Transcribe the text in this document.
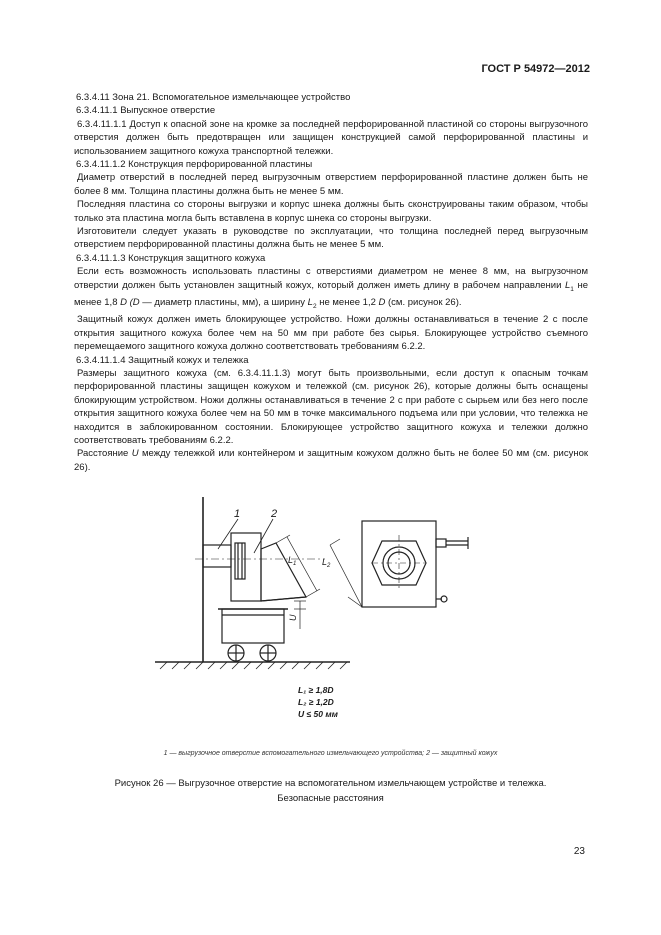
ГОСТ Р 54972—2012

6.3.4.11 Зона 21. Вспомогательное измельчающее устройство

6.3.4.11.1 Выпускное отверстие

6.3.4.11.1.1 Доступ к опасной зоне на кромке за последней перфорированной пластиной со стороны выгрузочного отверстия должен быть предотвращен или защищен конструкцией самой перфорированной пластины и использованием защитного кожуха транспортной тележки.

6.3.4.11.1.2 Конструкция перфорированной пластины

Диаметр отверстий в последней перед выгрузочным отверстием перфорированной пластине должен быть не более 8 мм. Толщина пластины должна быть не менее 5 мм.

Последняя пластина со стороны выгрузки и корпус шнека должны быть сконструированы таким образом, чтобы только эта пластина могла быть вставлена в корпус шнека со стороны выгрузки.

Изготовители следует указать в руководстве по эксплуатации, что толщина последней перед выгрузочным отверстием перфорированной пластины должна быть не менее 5 мм.

6.3.4.11.1.3 Конструкция защитного кожуха

Если есть возможность использовать пластины с отверстиями диаметром не менее 8 мм, на выгрузочном отверстии должен быть установлен защитный кожух, который должен иметь длину в рабочем направлении $L_1$ не менее 1,8 D (D — диаметр пластины, мм), а ширину $L_2$ не менее 1,2 D (см. рисунок 26).

Защитный кожух должен иметь блокирующее устройство. Ножи должны останавливаться в течение 2 с после открытия защитного кожуха более чем на 50 мм при работе без сырья. Блокирующее устройство съемного перемещаемого защитного кожуха должно соответствовать требованиям 6.2.2.

6.3.4.11.1.4 Защитный кожух и тележка

Размеры защитного кожуха (см. 6.3.4.11.1.3) могут быть произвольными, если доступ к опасным точкам перфорированной пластины защищен кожухом и тележкой (см. рисунок 26), которые должны быть оснащены блокирующим устройством. Ножи должны останавливаться в течение 2 с при работе с сырьем или без него после открытия защитного кожуха более чем на 50 мм в точке максимального подъема или при условии, что тележка не находится в заблокированном состоянии. Блокирующее устройство защитного кожуха и тележки должно соответствовать требованиям 6.2.2.

Расстояние U между тележкой или контейнером и защитным кожухом должно быть не более 50 мм (см. рисунок 26).

1	2
$L_1$	$L_2$
U
L₁ ≥ 1,8D
L₂ ≥ 1,2D
U ≤ 50 мм
1 — выгрузочное отверстие вспомогательного измельчающего устройства; 2 — защитный кожух
Рисунок 26 — Выгрузочное отверстие на вспомогательном измельчающем устройстве и тележка.
Безопасные расстояния
23
